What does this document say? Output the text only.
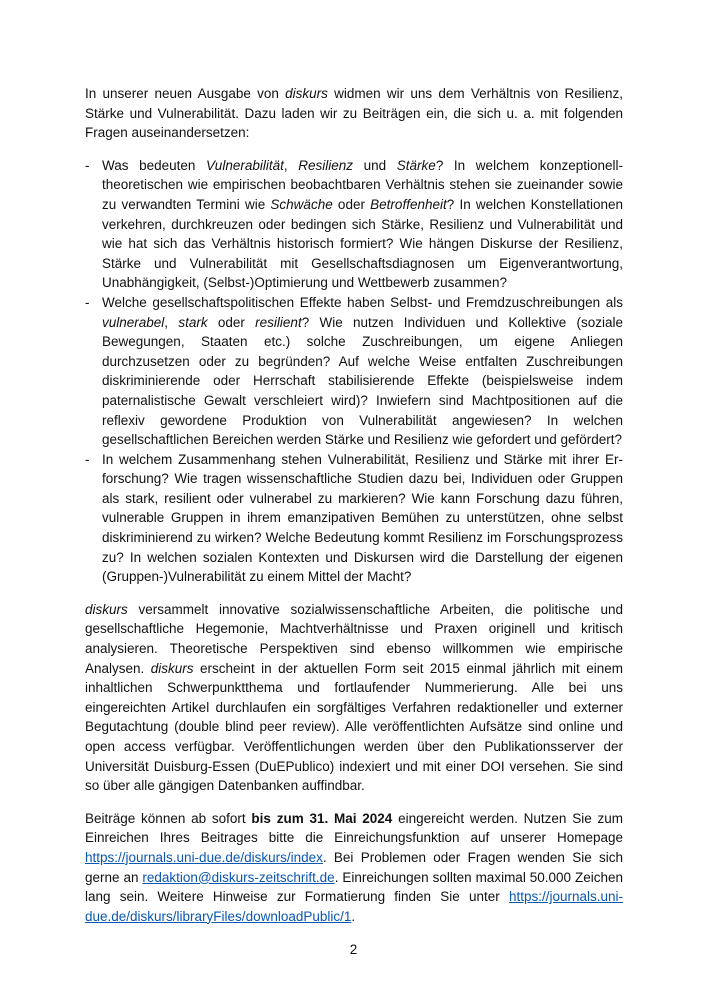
In unserer neuen Ausgabe von diskurs widmen wir uns dem Verhältnis von Resilienz, Stärke und Vulnerabilität. Dazu laden wir zu Beiträgen ein, die sich u. a. mit folgenden Fragen auseinandersetzen:

- Was bedeuten Vulnerabilität, Resilienz und Stärke? In welchem konzeptionell-theoretischen wie empirischen beobachtbaren Verhältnis stehen sie zueinander sowie zu verwandten Termini wie Schwäche oder Betroffenheit? In welchen Konstellationen verkehren, durchkreuzen oder bedingen sich Stärke, Resilienz und Vulnerabilität und wie hat sich das Verhältnis historisch formiert? Wie hängen Diskurse der Resilienz, Stärke und Vulnerabilität mit Gesellschaftsdiagnosen um Eigenverantwortung, Unabhängigkeit, (Selbst-)Optimierung und Wettbewerb zusammen?
- Welche gesellschaftspolitischen Effekte haben Selbst- und Fremdzuschreibungen als vulnerabel, stark oder resilient? Wie nutzen Individuen und Kollektive (soziale Bewegungen, Staaten etc.) solche Zuschreibungen, um eigene Anliegen durchzusetzen oder zu begründen? Auf welche Weise entfalten Zuschreibungen diskriminierende oder Herrschaft stabilisierende Effekte (beispielsweise indem paternalistische Gewalt verschleiert wird)? Inwiefern sind Machtpositionen auf die reflexiv gewordene Produktion von Vulnerabilität angewiesen? In welchen gesellschaftlichen Bereichen werden Stärke und Resilienz wie gefordert und gefördert?
- In welchem Zusammenhang stehen Vulnerabilität, Resilienz und Stärke mit ihrer Erforschung? Wie tragen wissenschaftliche Studien dazu bei, Individuen oder Gruppen als stark, resilient oder vulnerabel zu markieren? Wie kann Forschung dazu führen, vulnerable Gruppen in ihrem emanzipativen Bemühen zu unterstützen, ohne selbst diskriminierend zu wirken? Welche Bedeutung kommt Resilienz im Forschungsprozess zu? In welchen sozialen Kontexten und Diskursen wird die Darstellung der eigenen (Gruppen-)Vulnerabilität zu einem Mittel der Macht?

diskurs versammelt innovative sozialwissenschaftliche Arbeiten, die politische und gesellschaftliche Hegemonie, Machtverhältnisse und Praxen originell und kritisch analysieren. Theoretische Perspektiven sind ebenso willkommen wie empirische Analysen. diskurs erscheint in der aktuellen Form seit 2015 einmal jährlich mit einem inhaltlichen Schwerpunktthema und fortlaufender Nummerierung. Alle bei uns eingereichten Artikel durchlaufen ein sorgfältiges Verfahren redaktioneller und externer Begutachtung (double blind peer review). Alle veröffentlichten Aufsätze sind online und open access verfügbar. Veröffentlichungen werden über den Publikationsserver der Universität Duisburg-Essen (DuEPublico) indexiert und mit einer DOI versehen. Sie sind so über alle gängigen Datenbanken auffindbar.

Beiträge können ab sofort bis zum 31. Mai 2024 eingereicht werden. Nutzen Sie zum Einreichen Ihres Beitrages bitte die Einreichungsfunktion auf unserer Homepage https://journals.uni-due.de/diskurs/index. Bei Problemen oder Fragen wenden Sie sich gerne an redaktion@diskurs-zeitschrift.de. Einreichungen sollten maximal 50.000 Zeichen lang sein. Weitere Hinweise zur Formatierung finden Sie unter https://journals.uni-due.de/diskurs/libraryFiles/downloadPublic/1.

2
